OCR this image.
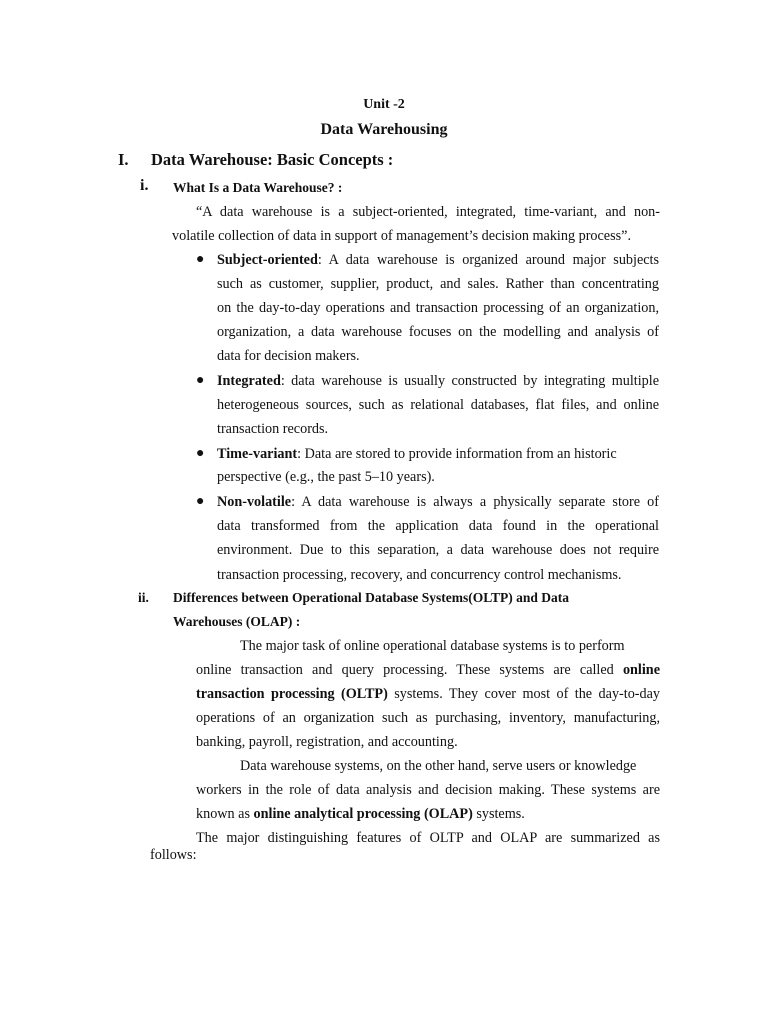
Unit -2
Data Warehousing
I. Data Warehouse: Basic Concepts :
i. What Is a Data Warehouse? :
“A data warehouse is a subject-oriented, integrated, time-variant, and non-
volatile collection of data in support of management’s decision making process”.
● Subject-oriented: A data warehouse is organized around major subjects
such as customer, supplier, product, and sales. Rather than concentrating
on the day-to-day operations and transaction processing of an organization,
organization, a data warehouse focuses on the modelling and analysis of
data for decision makers.
● Integrated: data warehouse is usually constructed by integrating multiple
heterogeneous sources, such as relational databases, flat files, and online
transaction records.
● Time-variant: Data are stored to provide information from an historic
perspective (e.g., the past 5–10 years).
● Non-volatile: A data warehouse is always a physically separate store of
data transformed from the application data found in the operational
environment. Due to this separation, a data warehouse does not require
transaction processing, recovery, and concurrency control mechanisms.
ii. Differences between Operational Database Systems(OLTP) and Data
Warehouses (OLAP) :
The major task of online operational database systems is to perform
online transaction and query processing. These systems are called online
transaction processing (OLTP) systems. They cover most of the day-to-day
operations of an organization such as purchasing, inventory, manufacturing,
banking, payroll, registration, and accounting.
Data warehouse systems, on the other hand, serve users or knowledge
workers in the role of data analysis and decision making. These systems are
known as online analytical processing (OLAP) systems.
The major distinguishing features of OLTP and OLAP are summarized as
follows:
